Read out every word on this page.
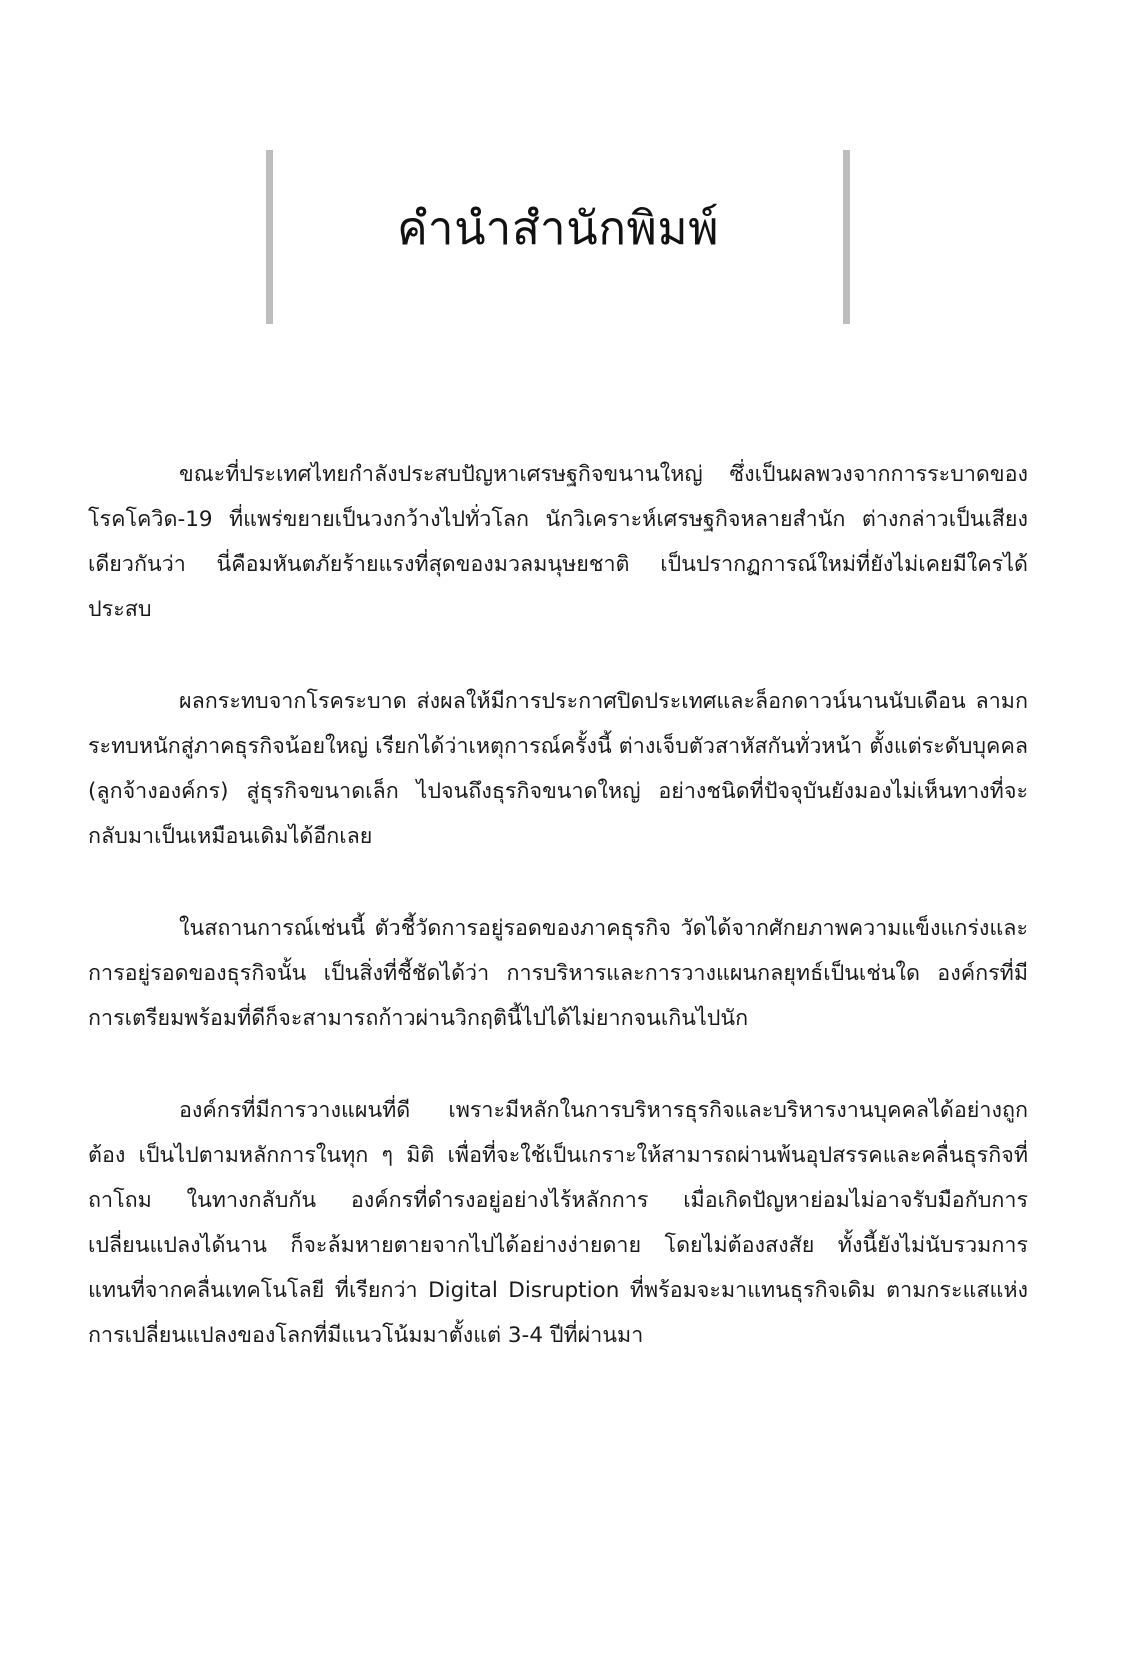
คำนำสำนักพิมพ์

ขณะที่ประเทศไทยกำลังประสบปัญหาเศรษฐกิจขนานใหญ่ ซึ่งเป็นผลพวงจากการระบาดของโรคโควิด-19 ที่แพร่ขยายเป็นวงกว้างไปทั่วโลก นักวิเคราะห์เศรษฐกิจหลายสำนัก ต่างกล่าวเป็นเสียงเดียวกันว่า นี่คือมหันตภัยร้ายแรงที่สุดของมวลมนุษยชาติ เป็นปรากฏการณ์ใหม่ที่ยังไม่เคยมีใครได้ประสบ

ผลกระทบจากโรคระบาด ส่งผลให้มีการประกาศปิดประเทศและล็อกดาวน์นานนับเดือน ลามกระทบหนักสู่ภาคธุรกิจน้อยใหญ่ เรียกได้ว่าเหตุการณ์ครั้งนี้ ต่างเจ็บตัวสาหัสกันทั่วหน้า ตั้งแต่ระดับบุคคล (ลูกจ้างองค์กร) สู่ธุรกิจขนาดเล็ก ไปจนถึงธุรกิจขนาดใหญ่ อย่างชนิดที่ปัจจุบันยังมองไม่เห็นทางที่จะกลับมาเป็นเหมือนเดิมได้อีกเลย

ในสถานการณ์เช่นนี้ ตัวชี้วัดการอยู่รอดของภาคธุรกิจ วัดได้จากศักยภาพความแข็งแกร่งและการอยู่รอดของธุรกิจนั้น เป็นสิ่งที่ชี้ชัดได้ว่า การบริหารและการวางแผนกลยุทธ์เป็นเช่นใด องค์กรที่มีการเตรียมพร้อมที่ดีก็จะสามารถก้าวผ่านวิกฤตินี้ไปได้ไม่ยากจนเกินไปนัก

องค์กรที่มีการวางแผนที่ดี เพราะมีหลักในการบริหารธุรกิจและบริหารงานบุคคลได้อย่างถูกต้อง เป็นไปตามหลักการในทุก ๆ มิติ เพื่อที่จะใช้เป็นเกราะให้สามารถผ่านพ้นอุปสรรคและคลื่นธุรกิจที่ถาโถม ในทางกลับกัน องค์กรที่ดำรงอยู่อย่างไร้หลักการ เมื่อเกิดปัญหาย่อมไม่อาจรับมือกับการเปลี่ยนแปลงได้นาน ก็จะล้มหายตายจากไปได้อย่างง่ายดาย โดยไม่ต้องสงสัย ทั้งนี้ยังไม่นับรวมการแทนที่จากคลื่นเทคโนโลยี ที่เรียกว่า Digital Disruption ที่พร้อมจะมาแทนธุรกิจเดิม ตามกระแสแห่งการเปลี่ยนแปลงของโลกที่มีแนวโน้มมาตั้งแต่ 3-4 ปีที่ผ่านมา
